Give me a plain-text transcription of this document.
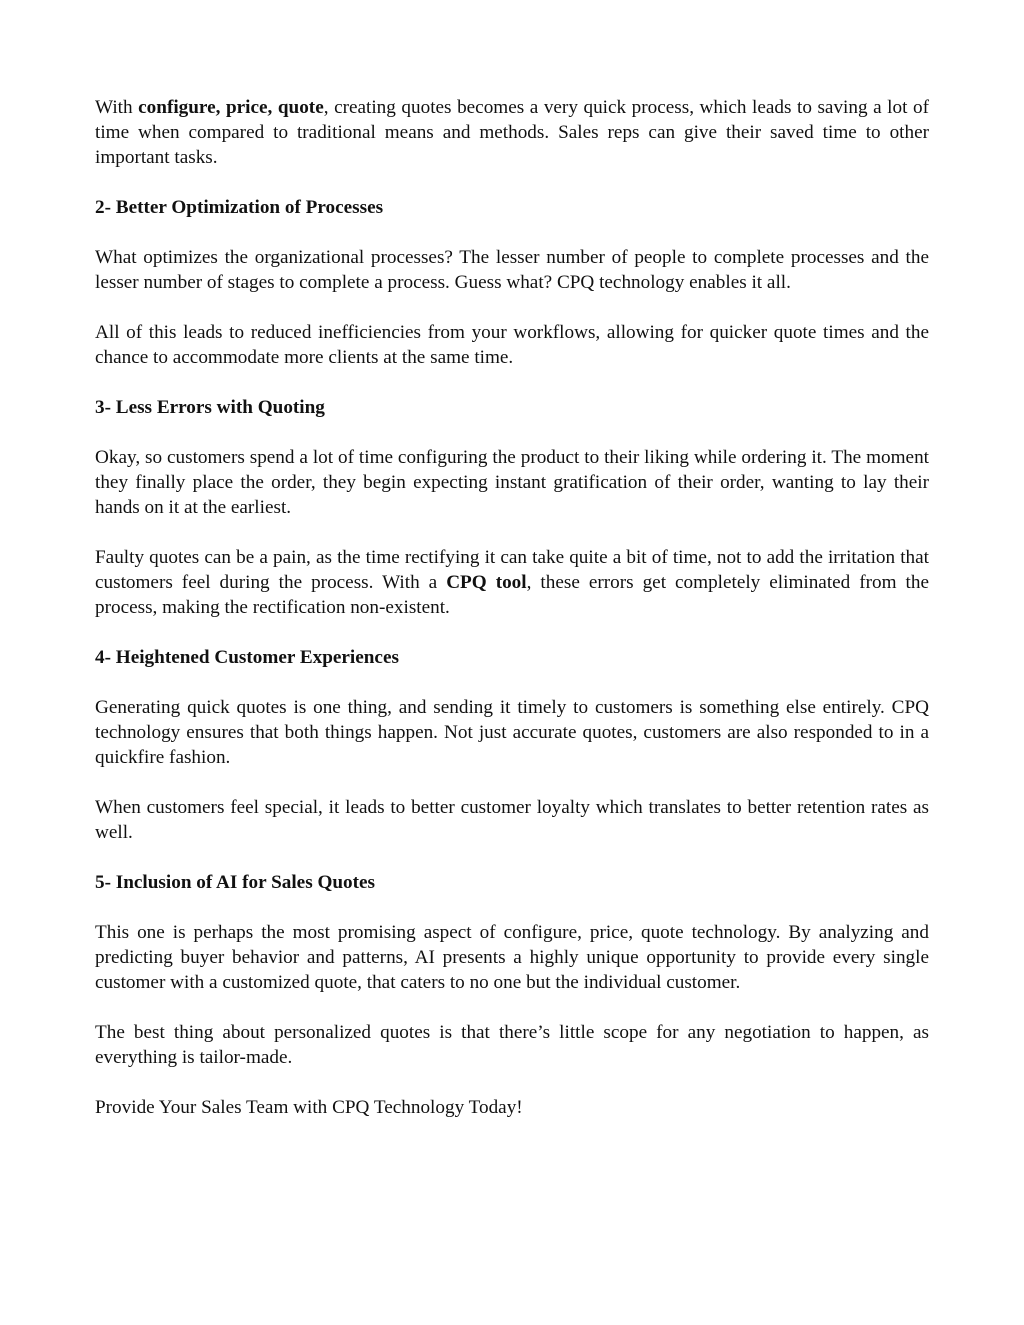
With configure, price, quote, creating quotes becomes a very quick process, which leads to saving a lot of time when compared to traditional means and methods. Sales reps can give their saved time to other important tasks.

2- Better Optimization of Processes

What optimizes the organizational processes? The lesser number of people to complete processes and the lesser number of stages to complete a process. Guess what? CPQ technology enables it all.

All of this leads to reduced inefficiencies from your workflows, allowing for quicker quote times and the chance to accommodate more clients at the same time.

3- Less Errors with Quoting

Okay, so customers spend a lot of time configuring the product to their liking while ordering it. The moment they finally place the order, they begin expecting instant gratification of their order, wanting to lay their hands on it at the earliest.

Faulty quotes can be a pain, as the time rectifying it can take quite a bit of time, not to add the irritation that customers feel during the process. With a CPQ tool, these errors get completely eliminated from the process, making the rectification non-existent.

4- Heightened Customer Experiences

Generating quick quotes is one thing, and sending it timely to customers is something else entirely. CPQ technology ensures that both things happen. Not just accurate quotes, customers are also responded to in a quickfire fashion.

When customers feel special, it leads to better customer loyalty which translates to better retention rates as well.

5- Inclusion of AI for Sales Quotes

This one is perhaps the most promising aspect of configure, price, quote technology. By analyzing and predicting buyer behavior and patterns, AI presents a highly unique opportunity to provide every single customer with a customized quote, that caters to no one but the individual customer.

The best thing about personalized quotes is that there’s little scope for any negotiation to happen, as everything is tailor-made.

Provide Your Sales Team with CPQ Technology Today!
